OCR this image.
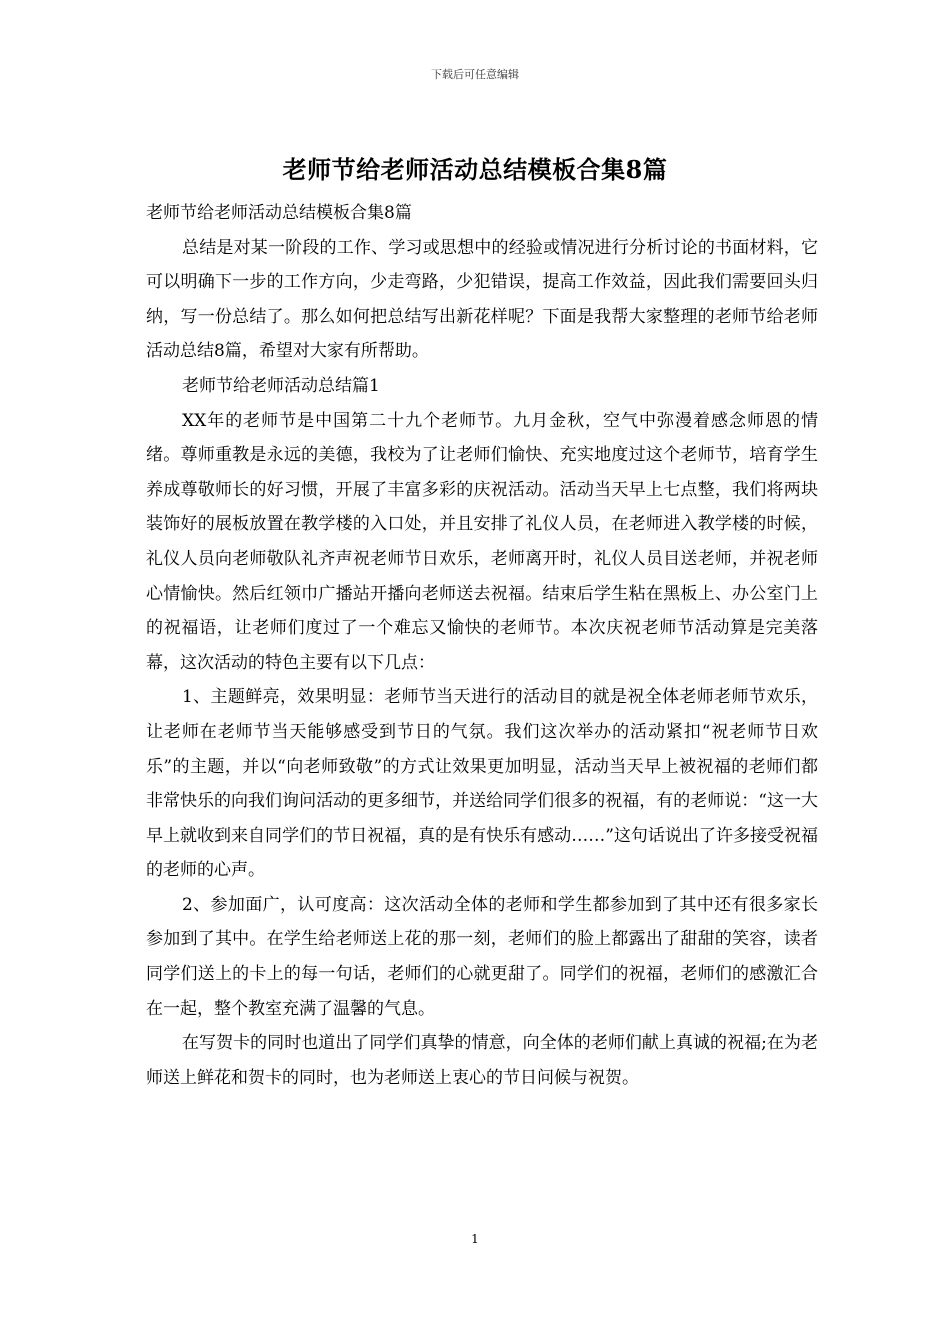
下载后可任意编辑
老师节给老师活动总结模板合集8篇

老师节给老师活动总结模板合集8篇

总结是对某一阶段的工作、学习或思想中的经验或情况进行分析讨论的书面材料，它可以明确下一步的工作方向，少走弯路，少犯错误，提高工作效益，因此我们需要回头归纳，写一份总结了。那么如何把总结写出新花样呢？下面是我帮大家整理的老师节给老师活动总结8篇，希望对大家有所帮助。

老师节给老师活动总结篇1

XX年的老师节是中国第二十九个老师节。九月金秋，空气中弥漫着感念师恩的情绪。尊师重教是永远的美德，我校为了让老师们愉快、充实地度过这个老师节，培育学生养成尊敬师长的好习惯，开展了丰富多彩的庆祝活动。活动当天早上七点整，我们将两块装饰好的展板放置在教学楼的入口处，并且安排了礼仪人员，在老师进入教学楼的时候，礼仪人员向老师敬队礼齐声祝老师节日欢乐，老师离开时，礼仪人员目送老师，并祝老师心情愉快。然后红领巾广播站开播向老师送去祝福。结束后学生粘在黑板上、办公室门上的祝福语，让老师们度过了一个难忘又愉快的老师节。本次庆祝老师节活动算是完美落幕，这次活动的特色主要有以下几点：

1、主题鲜亮，效果明显：老师节当天进行的活动目的就是祝全体老师老师节欢乐，让老师在老师节当天能够感受到节日的气氛。我们这次举办的活动紧扣“祝老师节日欢乐”的主题，并以“向老师致敬”的方式让效果更加明显，活动当天早上被祝福的老师们都非常快乐的向我们询问活动的更多细节，并送给同学们很多的祝福，有的老师说：“这一大早上就收到来自同学们的节日祝福，真的是有快乐有感动……”这句话说出了许多接受祝福的老师的心声。

2、参加面广，认可度高：这次活动全体的老师和学生都参加到了其中还有很多家长参加到了其中。在学生给老师送上花的那一刻，老师们的脸上都露出了甜甜的笑容，读者同学们送上的卡上的每一句话，老师们的心就更甜了。同学们的祝福，老师们的感激汇合在一起，整个教室充满了温馨的气息。

在写贺卡的同时也道出了同学们真挚的情意，向全体的老师们献上真诚的祝福;在为老师送上鲜花和贺卡的同时，也为老师送上衷心的节日问候与祝贺。

1
